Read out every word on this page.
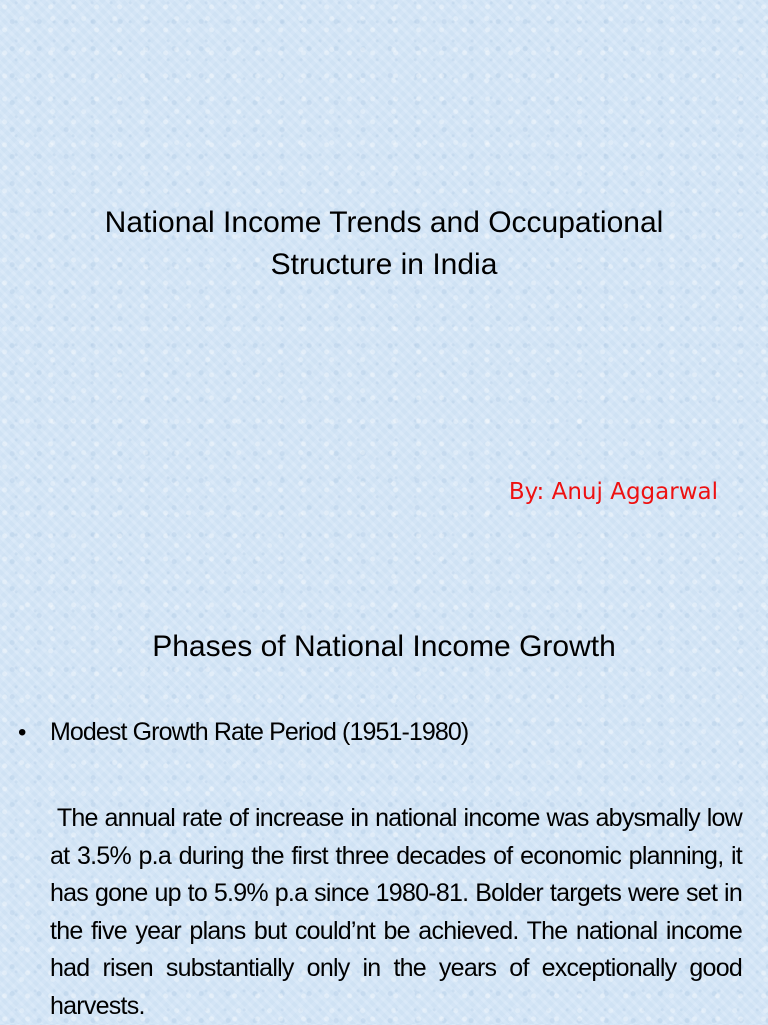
National Income Trends and Occupational Structure in India

By: Anuj Aggarwal

Phases of National Income Growth
• Modest Growth Rate Period (1951-1980)

The annual rate of increase in national income was abysmally low at 3.5% p.a during the first three decades of economic planning, it has gone up to 5.9% p.a since 1980-81. Bolder targets were set in the five year plans but could’nt be achieved. The national income had risen substantially only in the years of exceptionally good harvests.
